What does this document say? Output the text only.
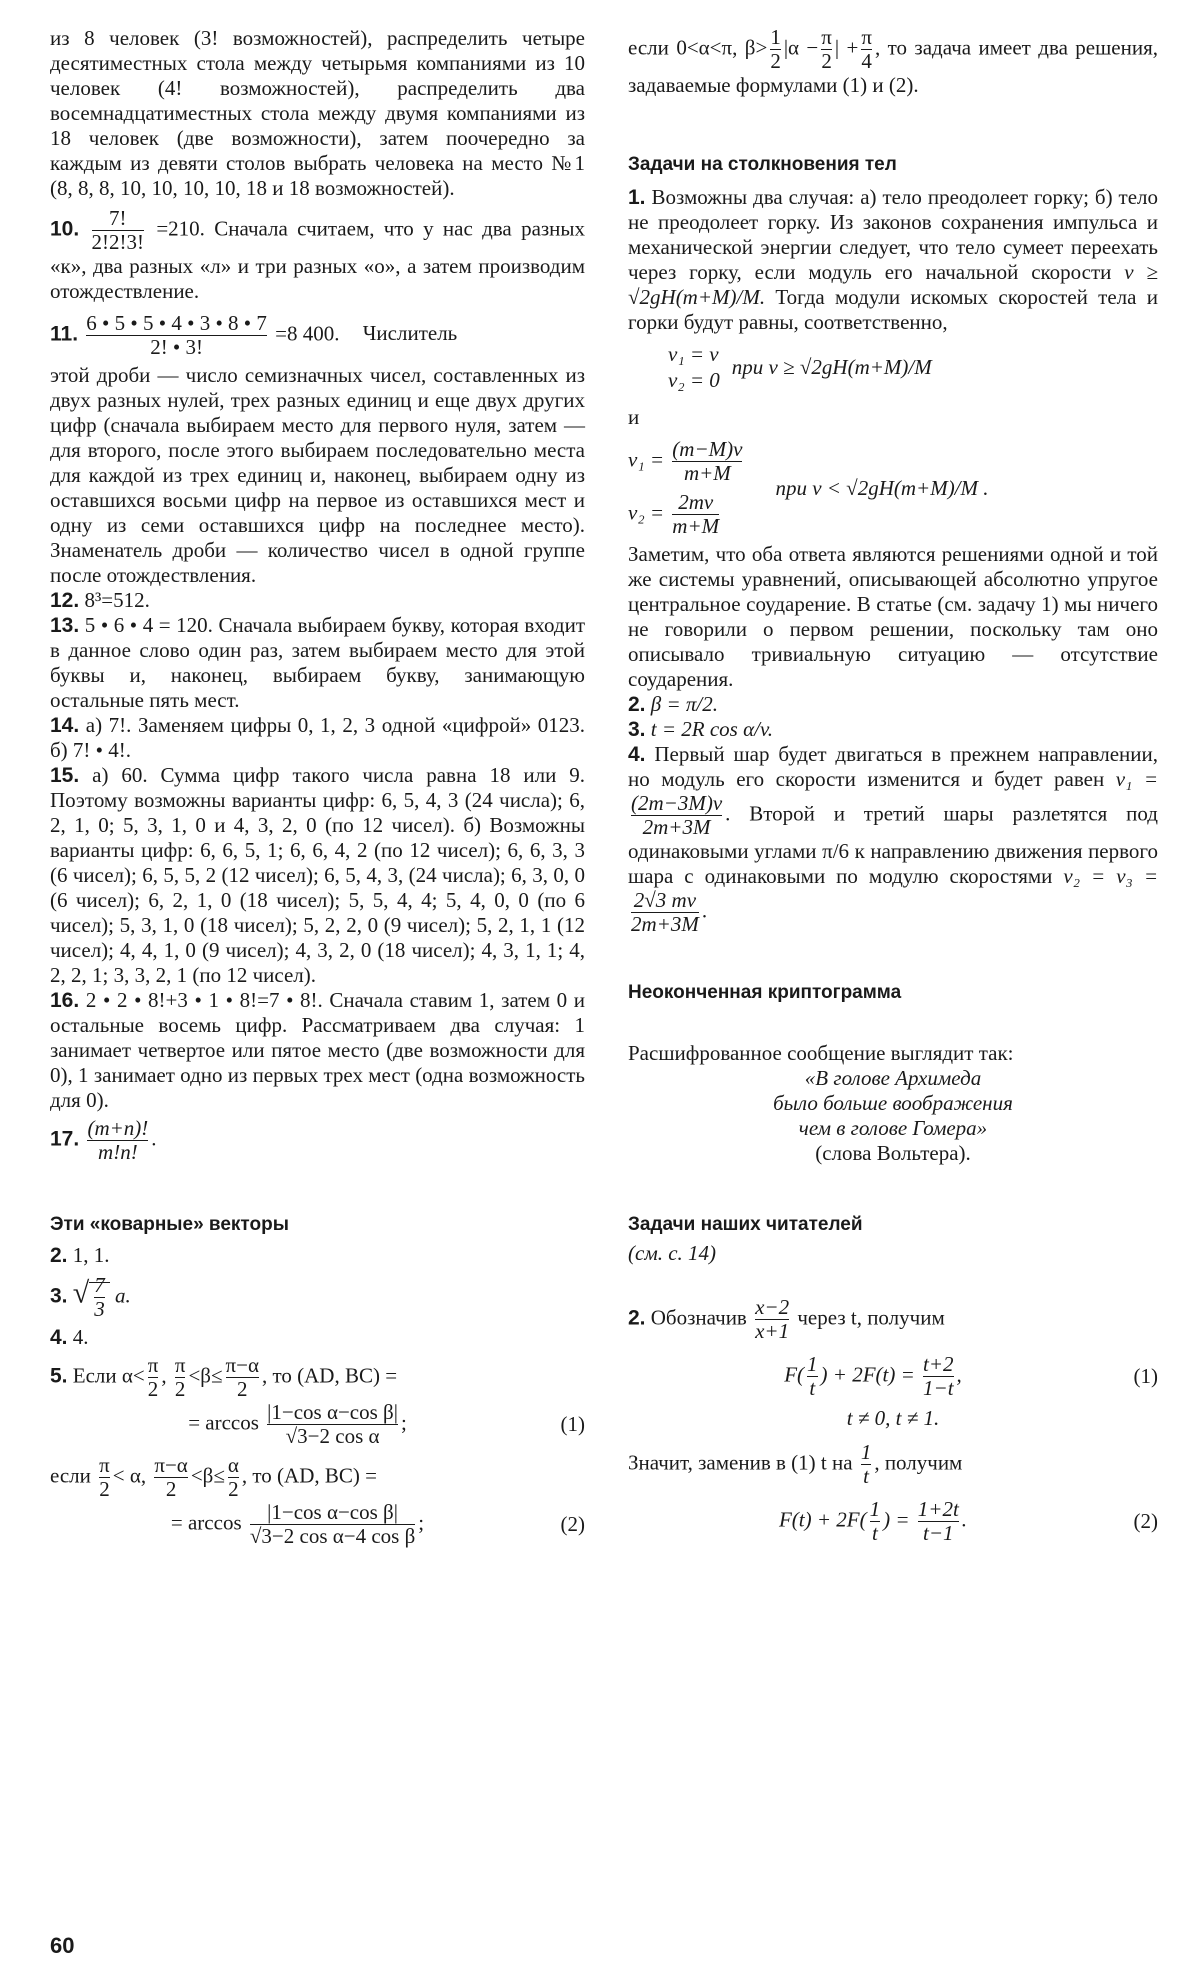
из 8 человек (3! возможностей), распределить четыре десятиместных стола между четырьмя компаниями из 10 человек (4! возможностей), распределить два восемнадцатиместных стола между двумя компаниями из 18 человек (две возможности), затем поочередно за каждым из девяти столов выбрать человека на место №1 (8, 8, 8, 10, 10, 10, 10, 18 и 18 возможностей).

10. $\frac{7!}{2!2!3!} =210$. Сначала считаем, что у нас два разных «к», два разных «л» и три разных «о», а затем производим отождествление.

11. $\frac{6 • 5 • 5 • 4 • 3 • 8 • 7}{2! • 3!} =8$ 400. Числитель

этой дроби — число семизначных чисел, составленных из двух разных нулей, трех разных единиц и еще двух других цифр (сначала выбираем место для первого нуля, затем — для второго, после этого выбираем последовательно места для каждой из трех единиц и, наконец, выбираем одну из оставшихся восьми цифр на первое из оставшихся мест и одну из семи оставшихся цифр на последнее место). Знаменатель дроби — количество чисел в одной группе после отождествления.

12. 8³=512.

13. 5 • 6 • 4 = 120. Сначала выбираем букву, которая входит в данное слово один раз, затем выбираем место для этой буквы и, наконец, выбираем букву, занимающую остальные пять мест.

14. а) 7!. Заменяем цифры 0, 1, 2, 3 одной «цифрой» 0123. б) 7! • 4!.

15. а) 60. Сумма цифр такого числа равна 18 или 9. Поэтому возможны варианты цифр: 6, 5, 4, 3 (24 числа); 6, 2, 1, 0; 5, 3, 1, 0 и 4, 3, 2, 0 (по 12 чисел). б) Возможны варианты цифр: 6, 6, 5, 1; 6, 6, 4, 2 (по 12 чисел); 6, 6, 3, 3 (6 чисел); 6, 5, 5, 2 (12 чисел); 6, 5, 4, 3, (24 числа); 6, 3, 0, 0 (6 чисел); 6, 2, 1, 0 (18 чисел); 5, 5, 4, 4; 5, 4, 0, 0 (по 6 чисел); 5, 3, 1, 0 (18 чисел); 5, 2, 2, 0 (9 чисел); 5, 2, 1, 1 (12 чисел); 4, 4, 1, 0 (9 чисел); 4, 3, 2, 0 (18 чисел); 4, 3, 1, 1; 4, 2, 2, 1; 3, 3, 2, 1 (по 12 чисел).

16. 2 • 2 • 8!+3 • 1 • 8!=7 • 8!. Сначала ставим 1, затем 0 и остальные восемь цифр. Рассматриваем два случая: 1 занимает четвертое или пятое место (две возможности для 0), 1 занимает одно из первых трех мест (одна возможность для 0).

17. $\frac{(m+n)!}{m!n!}$ .

Эти «коварные» векторы

2. 1, 1.

3. √ $\frac{7}{3} a$.

4. 4.

5. Если $\alpha< \frac{\pi}{2}$ , $\frac{\pi}{2} <\beta\le \frac{\pi-\alpha}{2}$ , то (AD, BC) =

= $\arccos \frac{\text{|1−cos α−cos β|}}{\text{√3−2 cos α}}$ ;	(1)

если $\frac{\pi}{2} < \alpha$, $\frac{\pi-\alpha}{2} <\beta\le \frac{\alpha}{2}$ , то (AD, BC) =

= $\arccos \frac{\text{|1−cos α−cos β|}}{\text{√3−2 cos α−4 cos β}}$ ;	(2)

если 0<α<π, $\beta> \frac{1}{2} |\alpha - \frac{\pi}{2}$ | + $\frac{\pi}{4}$ , то задача имеет два решения, задаваемые формулами (1) и (2).

Задачи на столкновения тел

1. Возможны два случая: а) тело преодолеет горку; б) тело не преодолеет горку. Из законов сохранения импульса и механической энергии следует, что тело сумеет переехать через горку, если модуль его начальной скорости v ≥ √2gH(m+M)/M. Тогда модули искомых скоростей тела и горки будут равны, соответственно,

v₁ = v
v₂ = 0
при v ≥ √2gH(m+M)/M

и

$v_1 = \frac{(m-M)v}{m+M}$
$v_2 = \frac{2mv}{m+M}$
при v < √2gH(m+M)/M .

Заметим, что оба ответа являются решениями одной и той же системы уравнений, описывающей абсолютно упругое центральное соударение. В статье (см. задачу 1) мы ничего не говорили о первом решении, поскольку там оно описывало тривиальную ситуацию — отсутствие соударения.

2. β = π/2.

3. t = 2R cos α/v.

4. Первый шар будет двигаться в прежнем направлении, но модуль его скорости изменится и будет равен v₁ =
$\frac{(2m-3M)v}{2m+3M}$ . Второй и третий шары разлетятся под одинаковыми углами π/6 к направлению движения первого шара с одинаковыми по модулю скоростями v₂ = v₃ =
$\frac{2√3 mv}{2m+3M}$ .

Неоконченная криптограмма

Расшифрованное сообщение выглядит так:

«В голове Архимеда

было больше воображения

чем в голове Гомера»

(слова Вольтера).

Задачи наших читателей

(см. с. 14)

2. Обозначив $\frac{x-2}{x+1}$ через t, получим

$F( \frac{1}{t}$ ) + $2F(t) = \frac{t+2}{1-t}$ ,	(1)

t ≠ 0, t ≠ 1.

Значит, заменив в (1) t на $\frac{1}{t}$ , получим

$F(t) + 2F( \frac{1}{t}$ ) = $\frac{1+2t}{t-1}$ .	(2)
60
